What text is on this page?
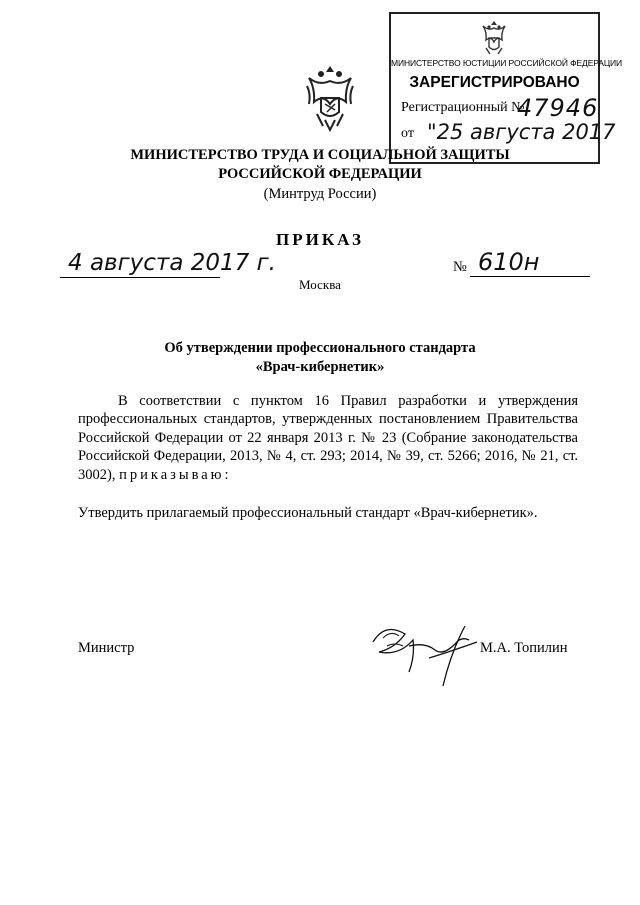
МИНИСТЕРСТВО ЮСТИЦИИ РОССИЙСКОЙ ФЕДЕРАЦИИ
ЗАРЕГИСТРИРОВАНО
Регистрационный №
47946
от "25 августа 2017
МИНИСТЕРСТВО ТРУДА И СОЦИАЛЬНОЙ ЗАЩИТЫ
РОССИЙСКОЙ ФЕДЕРАЦИИ
(Минтруд России)
ПРИКАЗ
4 августа 2017 г.	№ 610н
Москва
Об утверждении профессионального стандарта
«Врач-кибернетик»

В соответствии с пунктом 16 Правил разработки и утверждения профессиональных стандартов, утвержденных постановлением Правительства Российской Федерации от 22 января 2013 г. № 23 (Собрание законодательства Российской Федерации, 2013, № 4, ст. 293; 2014, № 39, ст. 5266; 2016, № 21, ст. 3002), приказываю:

Утвердить прилагаемый профессиональный стандарт «Врач-кибернетик».

Министр	М.А. Топилин
